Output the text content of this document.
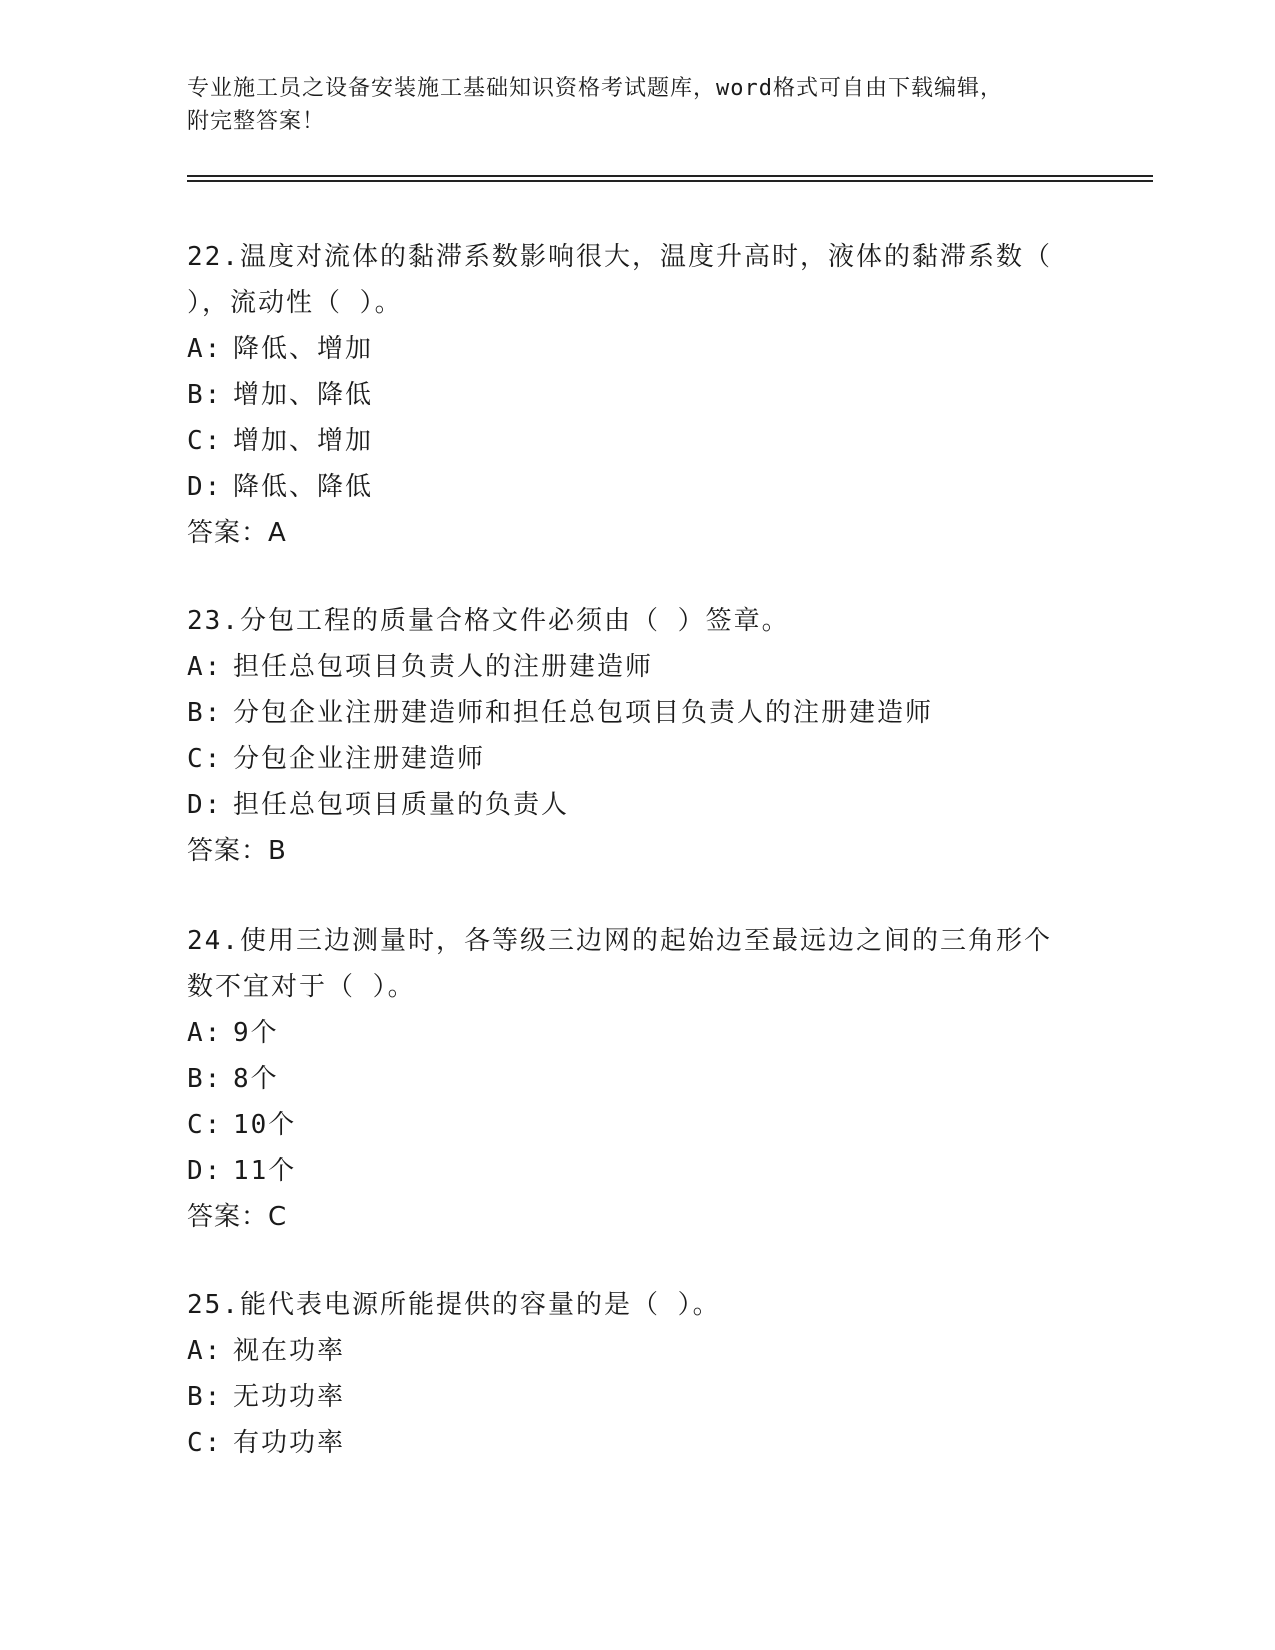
专业施工员之设备安装施工基础知识资格考试题库，word格式可自由下载编辑，
附完整答案！
22.温度对流体的黏滞系数影响很大，温度升高时，液体的黏滞系数（
），流动性（ ）。
A: 降低、增加
B: 增加、降低
C: 增加、增加
D: 降低、降低
答案：A
23.分包工程的质量合格文件必须由（ ）签章。
A: 担任总包项目负责人的注册建造师
B: 分包企业注册建造师和担任总包项目负责人的注册建造师
C: 分包企业注册建造师
D: 担任总包项目质量的负责人
答案：B
24.使用三边测量时，各等级三边网的起始边至最远边之间的三角形个
数不宜对于（ ）。
A: 9个
B: 8个
C: 10个
D: 11个
答案：C
25.能代表电源所能提供的容量的是（ ）。
A: 视在功率
B: 无功功率
C: 有功功率
